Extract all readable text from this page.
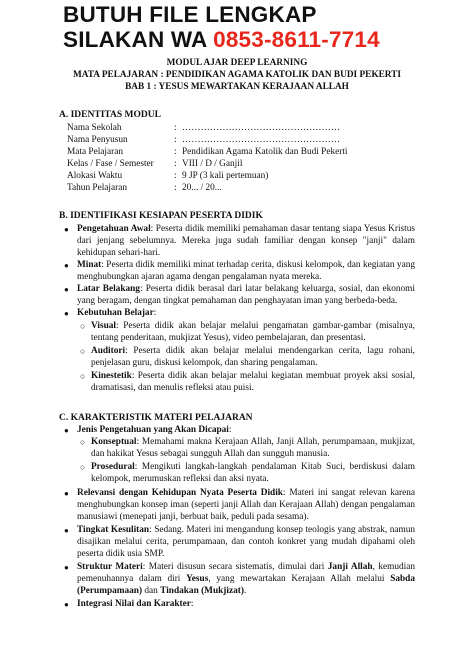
BUTUH FILE LENGKAP
SILAKAN WA 0853-8611-7714
MODUL AJAR DEEP LEARNING
MATA PELAJARAN : PENDIDIKAN AGAMA KATOLIK DAN BUDI PEKERTI
BAB 1 : YESUS MEWARTAKAN KERAJAAN ALLAH
A. IDENTITAS MODUL
Nama Sekolah	: ……………………………………………
Nama Penyusun	: ……………………………………………
Mata Pelajaran	: Pendidikan Agama Katolik dan Budi Pekerti
Kelas / Fase / Semester	: VIII / D / Ganjil
Alokasi Waktu	: 9 JP (3 kali pertemuan)
Tahun Pelajaran	: 20... / 20...
B. IDENTIFIKASI KESIAPAN PESERTA DIDIK
● Pengetahuan Awal: Peserta didik memiliki pemahaman dasar tentang siapa Yesus Kristus dari jenjang sebelumnya. Mereka juga sudah familiar dengan konsep "janji" dalam kehidupan sehari-hari.
● Minat: Peserta didik memiliki minat terhadap cerita, diskusi kelompok, dan kegiatan yang menghubungkan ajaran agama dengan pengalaman nyata mereka.
● Latar Belakang: Peserta didik berasal dari latar belakang keluarga, sosial, dan ekonomi yang beragam, dengan tingkat pemahaman dan penghayatan iman yang berbeda-beda.
● Kebutuhan Belajar:
○ Visual: Peserta didik akan belajar melalui pengamatan gambar-gambar (misalnya, tentang penderitaan, mukjizat Yesus), video pembelajaran, dan presentasi.
○ Auditori: Peserta didik akan belajar melalui mendengarkan cerita, lagu rohani, penjelasan guru, diskusi kelompok, dan sharing pengalaman.
○ Kinestetik: Peserta didik akan belajar melalui kegiatan membuat proyek aksi sosial, dramatisasi, dan menulis refleksi atau puisi.
C. KARAKTERISTIK MATERI PELAJARAN
● Jenis Pengetahuan yang Akan Dicapai:
○ Konseptual: Memahami makna Kerajaan Allah, Janji Allah, perumpamaan, mukjizat, dan hakikat Yesus sebagai sungguh Allah dan sungguh manusia.
○ Prosedural: Mengikuti langkah-langkah pendalaman Kitab Suci, berdiskusi dalam kelompok, merumuskan refleksi dan aksi nyata.
● Relevansi dengan Kehidupan Nyata Peserta Didik: Materi ini sangat relevan karena menghubungkan konsep iman (seperti janji Allah dan Kerajaan Allah) dengan pengalaman manusiawi (menepati janji, berbuat baik, peduli pada sesama).
● Tingkat Kesulitan: Sedang. Materi ini mengandung konsep teologis yang abstrak, namun disajikan melalui cerita, perumpamaan, dan contoh konkret yang mudah dipahami oleh peserta didik usia SMP.
● Struktur Materi: Materi disusun secara sistematis, dimulai dari Janji Allah, kemudian pemenuhannya dalam diri Yesus, yang mewartakan Kerajaan Allah melalui Sabda (Perumpamaan) dan Tindakan (Mukjizat).
● Integrasi Nilai dan Karakter:
